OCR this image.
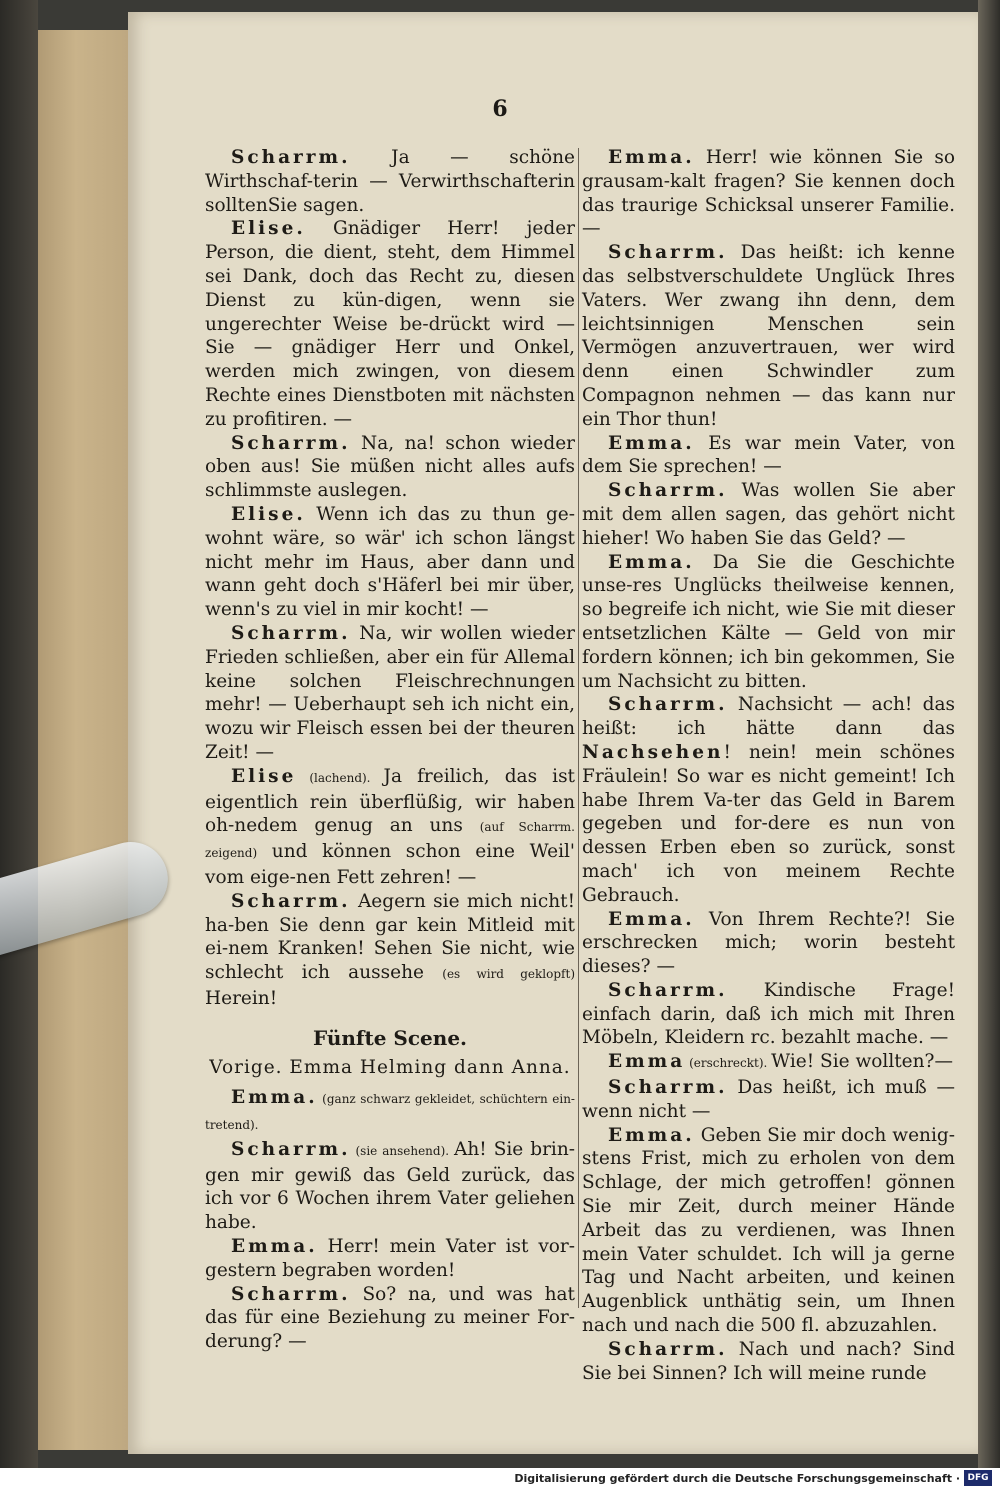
6

Scharrm. Ja — schöne Wirthschaf-terin — Verwirthschafterin solltenSie sagen.

Elise. Gnädiger Herr! jeder Person, die dient, steht, dem Himmel sei Dank, doch das Recht zu, diesen Dienst zu kün-digen, wenn sie ungerechter Weise be-drückt wird — Sie — gnädiger Herr und Onkel, werden mich zwingen, von diesem Rechte eines Dienstboten mit nächsten zu profitiren. —

Scharrm. Na, na! schon wieder oben aus! Sie müßen nicht alles aufs schlimmste auslegen.

Elise. Wenn ich das zu thun ge-wohnt wäre, so wär' ich schon längst nicht mehr im Haus, aber dann und wann geht doch s'Häferl bei mir über, wenn's zu viel in mir kocht! —

Scharrm. Na, wir wollen wieder Frieden schließen, aber ein für Allemal keine solchen Fleischrechnungen mehr! — Ueberhaupt seh ich nicht ein, wozu wir Fleisch essen bei der theuren Zeit! —

Elise (lachend). Ja freilich, das ist eigentlich rein überflüßig, wir haben oh-nedem genug an uns (auf Scharrm. zeigend) und können schon eine Weil' vom eige-nen Fett zehren! —

Scharrm. Aegern sie mich nicht! ha-ben Sie denn gar kein Mitleid mit ei-nem Kranken! Sehen Sie nicht, wie schlecht ich aussehe (es wird geklopft) Herein!

Fünfte Scene.
Vorige. Emma Helming dann Anna.

Emma. (ganz schwarz gekleidet, schüchtern ein-tretend).

Scharrm. (sie ansehend). Ah! Sie brin-gen mir gewiß das Geld zurück, das ich vor 6 Wochen ihrem Vater geliehen habe.

Emma. Herr! mein Vater ist vor-gestern begraben worden!

Scharrm. So? na, und was hat das für eine Beziehung zu meiner For-derung? —

Emma. Herr! wie können Sie so grausam-kalt fragen? Sie kennen doch das traurige Schicksal unserer Familie.—

Scharrm. Das heißt: ich kenne das selbstverschuldete Unglück Ihres Vaters. Wer zwang ihn denn, dem leichtsinnigen Menschen sein Vermögen anzuvertrauen, wer wird denn einen Schwindler zum Compagnon nehmen — das kann nur ein Thor thun!

Emma. Es war mein Vater, von dem Sie sprechen! —

Scharrm. Was wollen Sie aber mit dem allen sagen, das gehört nicht hieher! Wo haben Sie das Geld? —

Emma. Da Sie die Geschichte unse-res Unglücks theilweise kennen, so begreife ich nicht, wie Sie mit dieser entsetzlichen Kälte — Geld von mir fordern können; ich bin gekommen, Sie um Nachsicht zu bitten.

Scharrm. Nachsicht — ach! das heißt: ich hätte dann das Nachsehen! nein! mein schönes Fräulein! So war es nicht gemeint! Ich habe Ihrem Va-ter das Geld in Barem gegeben und for-dere es nun von dessen Erben eben so zurück, sonst mach' ich von meinem Rechte Gebrauch.

Emma. Von Ihrem Rechte?! Sie erschrecken mich; worin besteht dieses? —

Scharrm. Kindische Frage! einfach darin, daß ich mich mit Ihren Möbeln, Kleidern rc. bezahlt mache. —

Emma (erschreckt). Wie! Sie wollten?—

Scharrm. Das heißt, ich muß — wenn nicht —

Emma. Geben Sie mir doch wenig-stens Frist, mich zu erholen von dem Schlage, der mich getroffen! gönnen Sie mir Zeit, durch meiner Hände Arbeit das zu verdienen, was Ihnen mein Vater schuldet. Ich will ja gerne Tag und Nacht arbeiten, und keinen Augenblick unthätig sein, um Ihnen nach und nach die 500 fl. abzuzahlen.

Scharrm. Nach und nach? Sind Sie bei Sinnen? Ich will meine runde

Digitalisierung gefördert durch die Deutsche Forschungsgemeinschaft · DFG
